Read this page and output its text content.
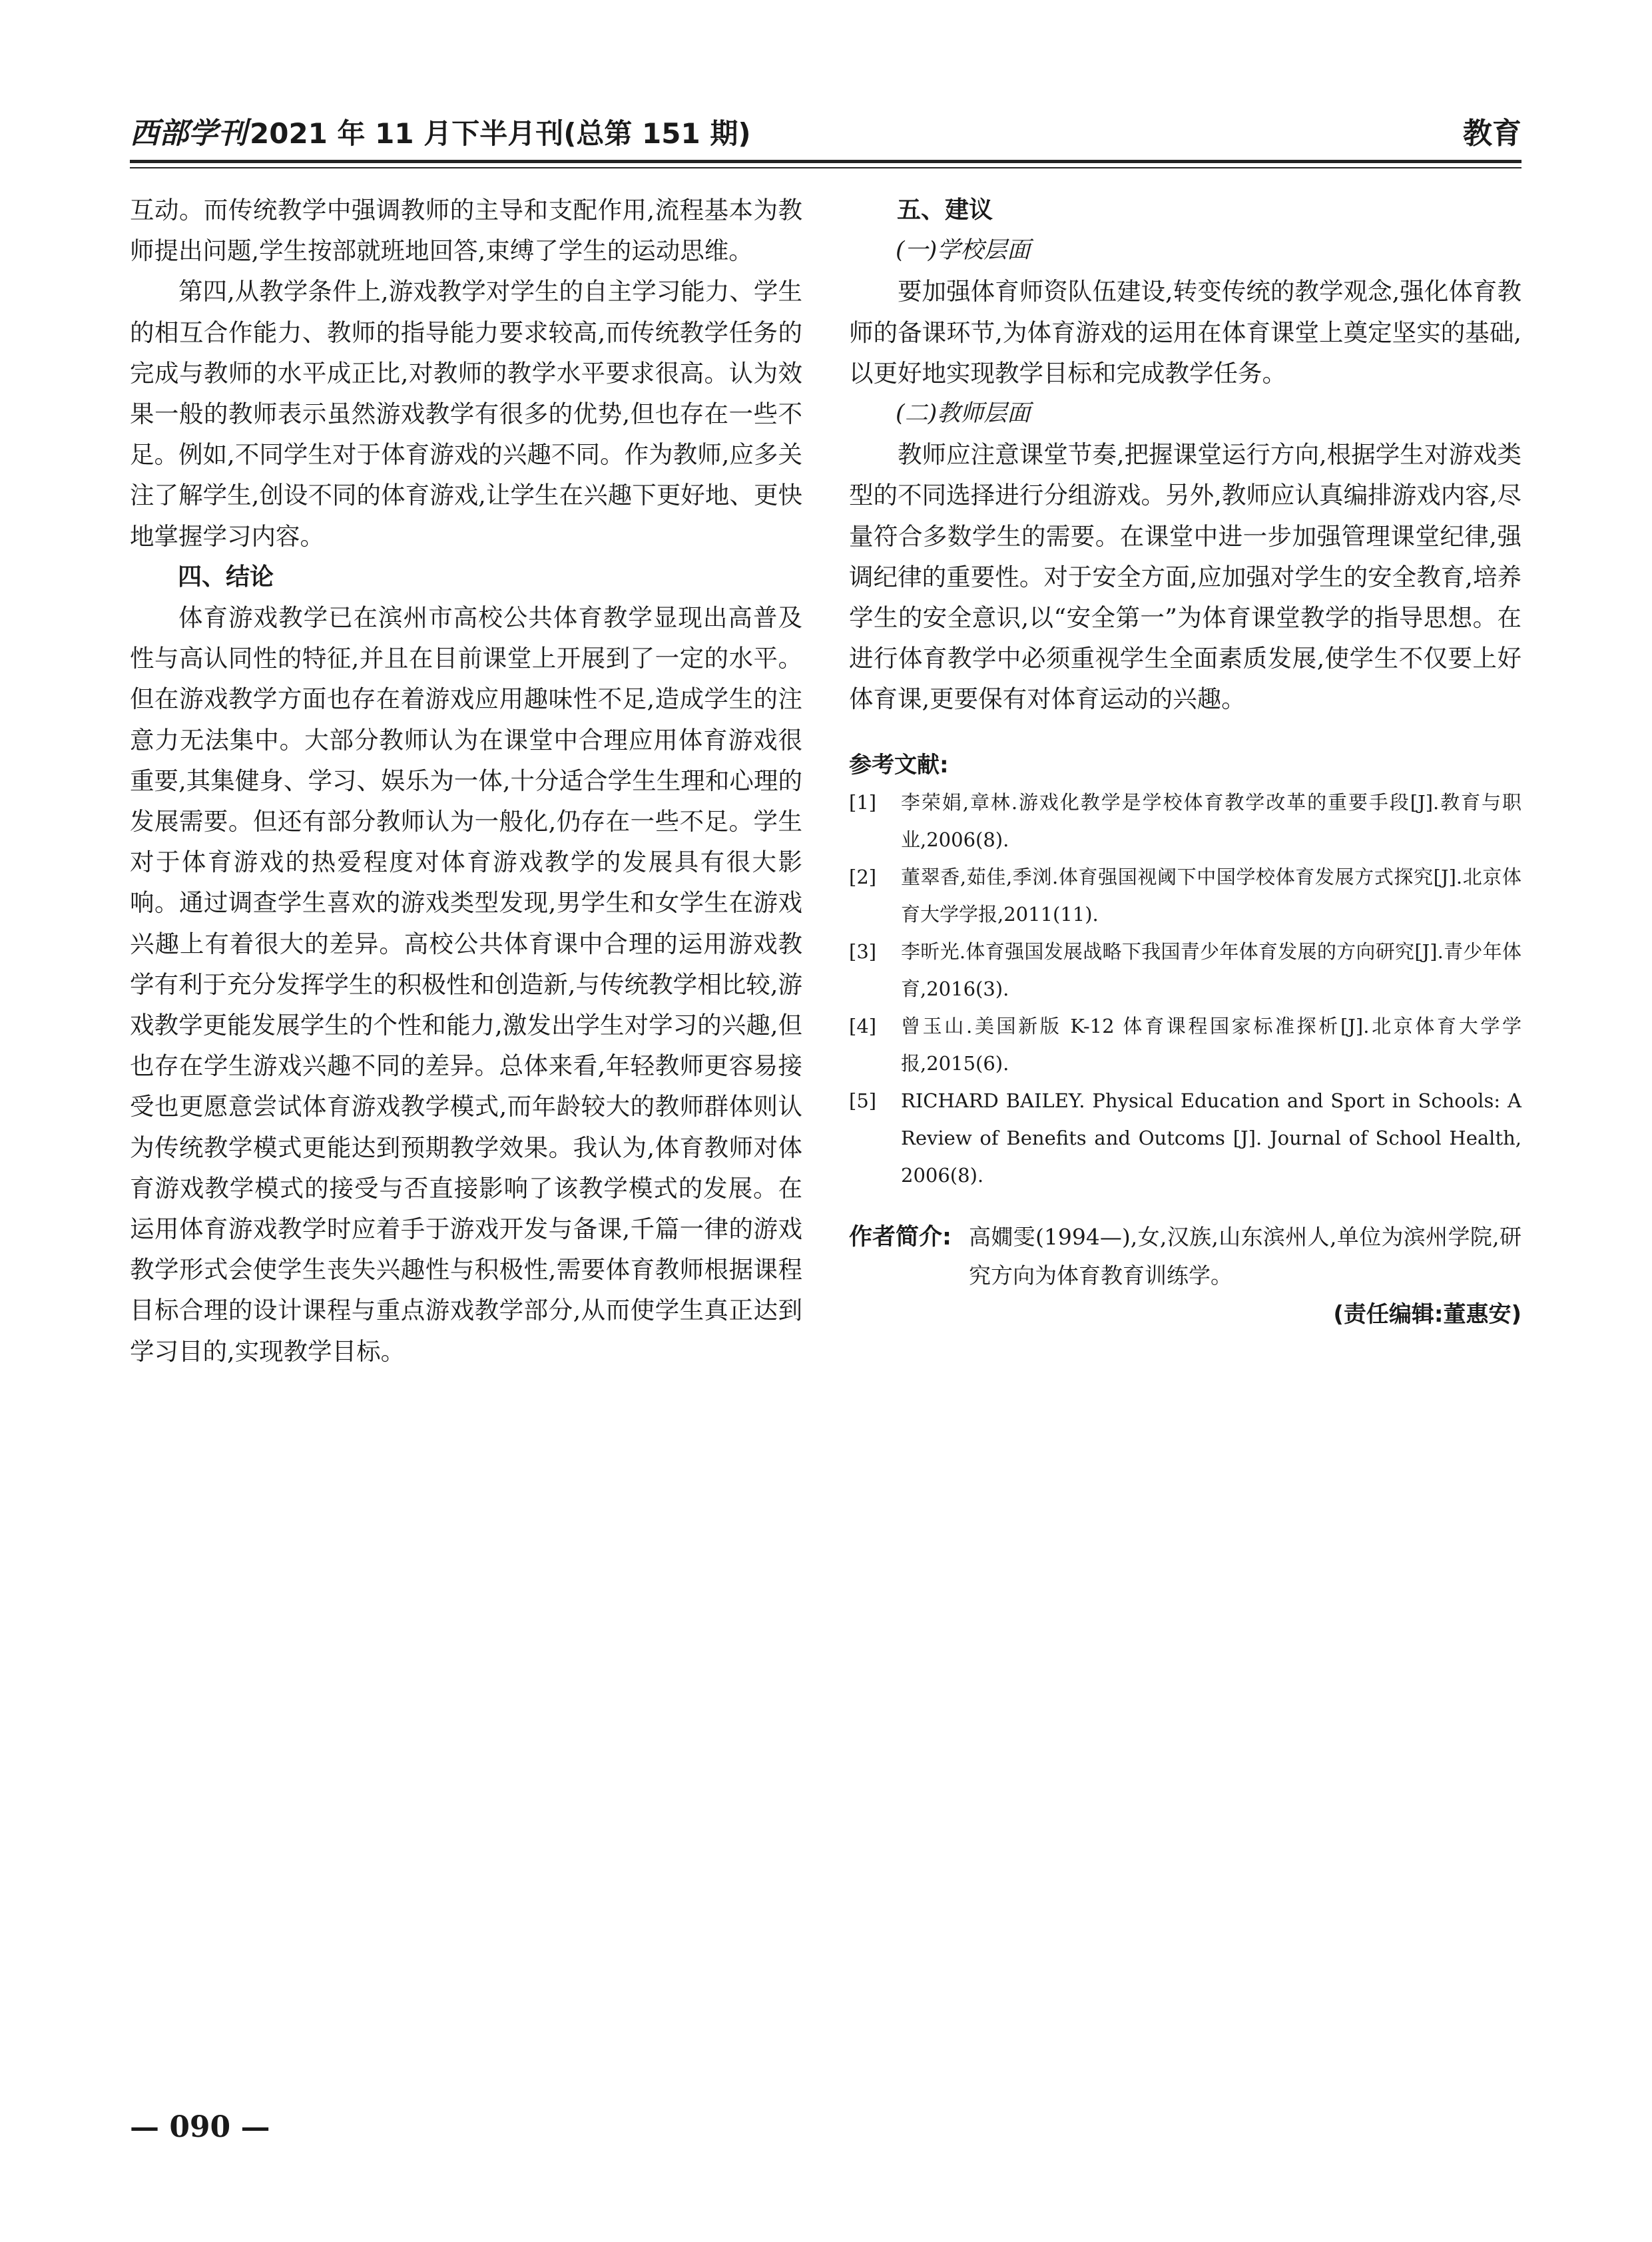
西部学刊2021 年 11 月下半月刊(总第 151 期)	教育

互动。而传统教学中强调教师的主导和支配作用,流程基本为教师提出问题,学生按部就班地回答,束缚了学生的运动思维。

第四,从教学条件上,游戏教学对学生的自主学习能力、学生的相互合作能力、教师的指导能力要求较高,而传统教学任务的完成与教师的水平成正比,对教师的教学水平要求很高。认为效果一般的教师表示虽然游戏教学有很多的优势,但也存在一些不足。例如,不同学生对于体育游戏的兴趣不同。作为教师,应多关注了解学生,创设不同的体育游戏,让学生在兴趣下更好地、更快地掌握学习内容。

四、结论

体育游戏教学已在滨州市高校公共体育教学显现出高普及性与高认同性的特征,并且在目前课堂上开展到了一定的水平。但在游戏教学方面也存在着游戏应用趣味性不足,造成学生的注意力无法集中。大部分教师认为在课堂中合理应用体育游戏很重要,其集健身、学习、娱乐为一体,十分适合学生生理和心理的发展需要。但还有部分教师认为一般化,仍存在一些不足。学生对于体育游戏的热爱程度对体育游戏教学的发展具有很大影响。通过调查学生喜欢的游戏类型发现,男学生和女学生在游戏兴趣上有着很大的差异。高校公共体育课中合理的运用游戏教学有利于充分发挥学生的积极性和创造新,与传统教学相比较,游戏教学更能发展学生的个性和能力,激发出学生对学习的兴趣,但也存在学生游戏兴趣不同的差异。总体来看,年轻教师更容易接受也更愿意尝试体育游戏教学模式,而年龄较大的教师群体则认为传统教学模式更能达到预期教学效果。我认为,体育教师对体育游戏教学模式的接受与否直接影响了该教学模式的发展。在运用体育游戏教学时应着手于游戏开发与备课,千篇一律的游戏教学形式会使学生丧失兴趣性与积极性,需要体育教师根据课程目标合理的设计课程与重点游戏教学部分,从而使学生真正达到学习目的,实现教学目标。

五、建议
(一)学校层面

要加强体育师资队伍建设,转变传统的教学观念,强化体育教师的备课环节,为体育游戏的运用在体育课堂上奠定坚实的基础,以更好地实现教学目标和完成教学任务。

(二)教师层面

教师应注意课堂节奏,把握课堂运行方向,根据学生对游戏类型的不同选择进行分组游戏。另外,教师应认真编排游戏内容,尽量符合多数学生的需要。在课堂中进一步加强管理课堂纪律,强调纪律的重要性。对于安全方面,应加强对学生的安全教育,培养学生的安全意识,以“安全第一”为体育课堂教学的指导思想。在进行体育教学中必须重视学生全面素质发展,使学生不仅要上好体育课,更要保有对体育运动的兴趣。

参考文献:
[1]	李荣娟,章林.游戏化教学是学校体育教学改革的重要手段[J].教育与职业,2006(8).
[2]	董翠香,茹佳,季浏.体育强国视阈下中国学校体育发展方式探究[J].北京体育大学学报,2011(11).
[3]	李昕光.体育强国发展战略下我国青少年体育发展的方向研究[J].青少年体育,2016(3).
[4]	曾玉山.美国新版 K-12 体育课程国家标准探析[J].北京体育大学学报,2015(6).
[5]	RICHARD BAILEY. Physical Education and Sport in Schools: A Review of Benefits and Outcoms [J]. Journal of School Health, 2006(8).
作者简介: 高嫺雯(1994—),女,汉族,山东滨州人,单位为滨州学院,研究方向为体育教育训练学。
(责任编辑:董惠安)
— 090 —
